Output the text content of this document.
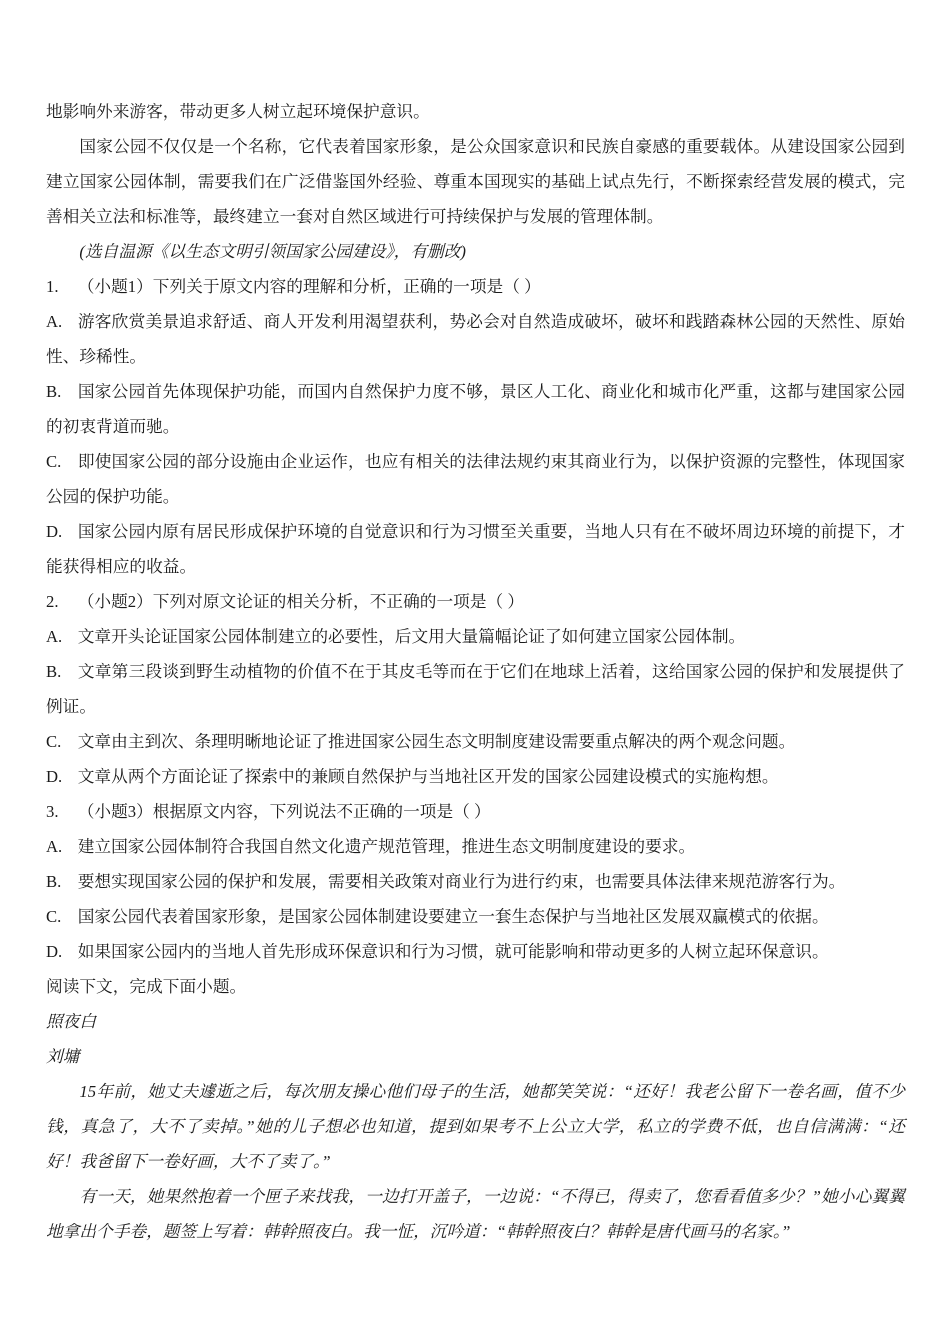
地影响外来游客，带动更多人树立起环境保护意识。

国家公园不仅仅是一个名称，它代表着国家形象，是公众国家意识和民族自豪感的重要载体。从建设国家公园到建立国家公园体制，需要我们在广泛借鉴国外经验、尊重本国现实的基础上试点先行，不断探索经营发展的模式，完善相关立法和标准等，最终建立一套对自然区域进行可持续保护与发展的管理体制。

(选自温源《以生态文明引领国家公园建设》，有删改)

1. （小题1）下列关于原文内容的理解和分析，正确的一项是（ ）

A. 游客欣赏美景追求舒适、商人开发利用渴望获利，势必会对自然造成破坏，破坏和践踏森林公园的天然性、原始性、珍稀性。

B. 国家公园首先体现保护功能，而国内自然保护力度不够，景区人工化、商业化和城市化严重，这都与建国家公园的初衷背道而驰。

C. 即使国家公园的部分设施由企业运作，也应有相关的法律法规约束其商业行为，以保护资源的完整性，体现国家公园的保护功能。

D. 国家公园内原有居民形成保护环境的自觉意识和行为习惯至关重要，当地人只有在不破坏周边环境的前提下，才能获得相应的收益。

2. （小题2）下列对原文论证的相关分析，不正确的一项是（ ）

A. 文章开头论证国家公园体制建立的必要性，后文用大量篇幅论证了如何建立国家公园体制。

B. 文章第三段谈到野生动植物的价值不在于其皮毛等而在于它们在地球上活着，这给国家公园的保护和发展提供了例证。

C. 文章由主到次、条理明晰地论证了推进国家公园生态文明制度建设需要重点解决的两个观念问题。

D. 文章从两个方面论证了探索中的兼顾自然保护与当地社区开发的国家公园建设模式的实施构想。

3. （小题3）根据原文内容，下列说法不正确的一项是（ ）

A. 建立国家公园体制符合我国自然文化遗产规范管理，推进生态文明制度建设的要求。

B. 要想实现国家公园的保护和发展，需要相关政策对商业行为进行约束，也需要具体法律来规范游客行为。

C. 国家公园代表着国家形象，是国家公园体制建设要建立一套生态保护与当地社区发展双赢模式的依据。

D. 如果国家公园内的当地人首先形成环保意识和行为习惯，就可能影响和带动更多的人树立起环保意识。

阅读下文，完成下面小题。

照夜白

刘墉

15年前，她丈夫遽逝之后，每次朋友操心他们母子的生活，她都笑笑说：“还好！我老公留下一卷名画，值不少钱，真急了，大不了卖掉。”她的儿子想必也知道，提到如果考不上公立大学，私立的学费不低，也自信满满：“还好！我爸留下一卷好画，大不了卖了。”

有一天，她果然抱着一个匣子来找我，一边打开盖子，一边说：“不得已，得卖了，您看看值多少？”她小心翼翼地拿出个手卷，题签上写着：韩幹照夜白。我一怔，沉吟道：“韩幹照夜白？韩幹是唐代画马的名家。”
